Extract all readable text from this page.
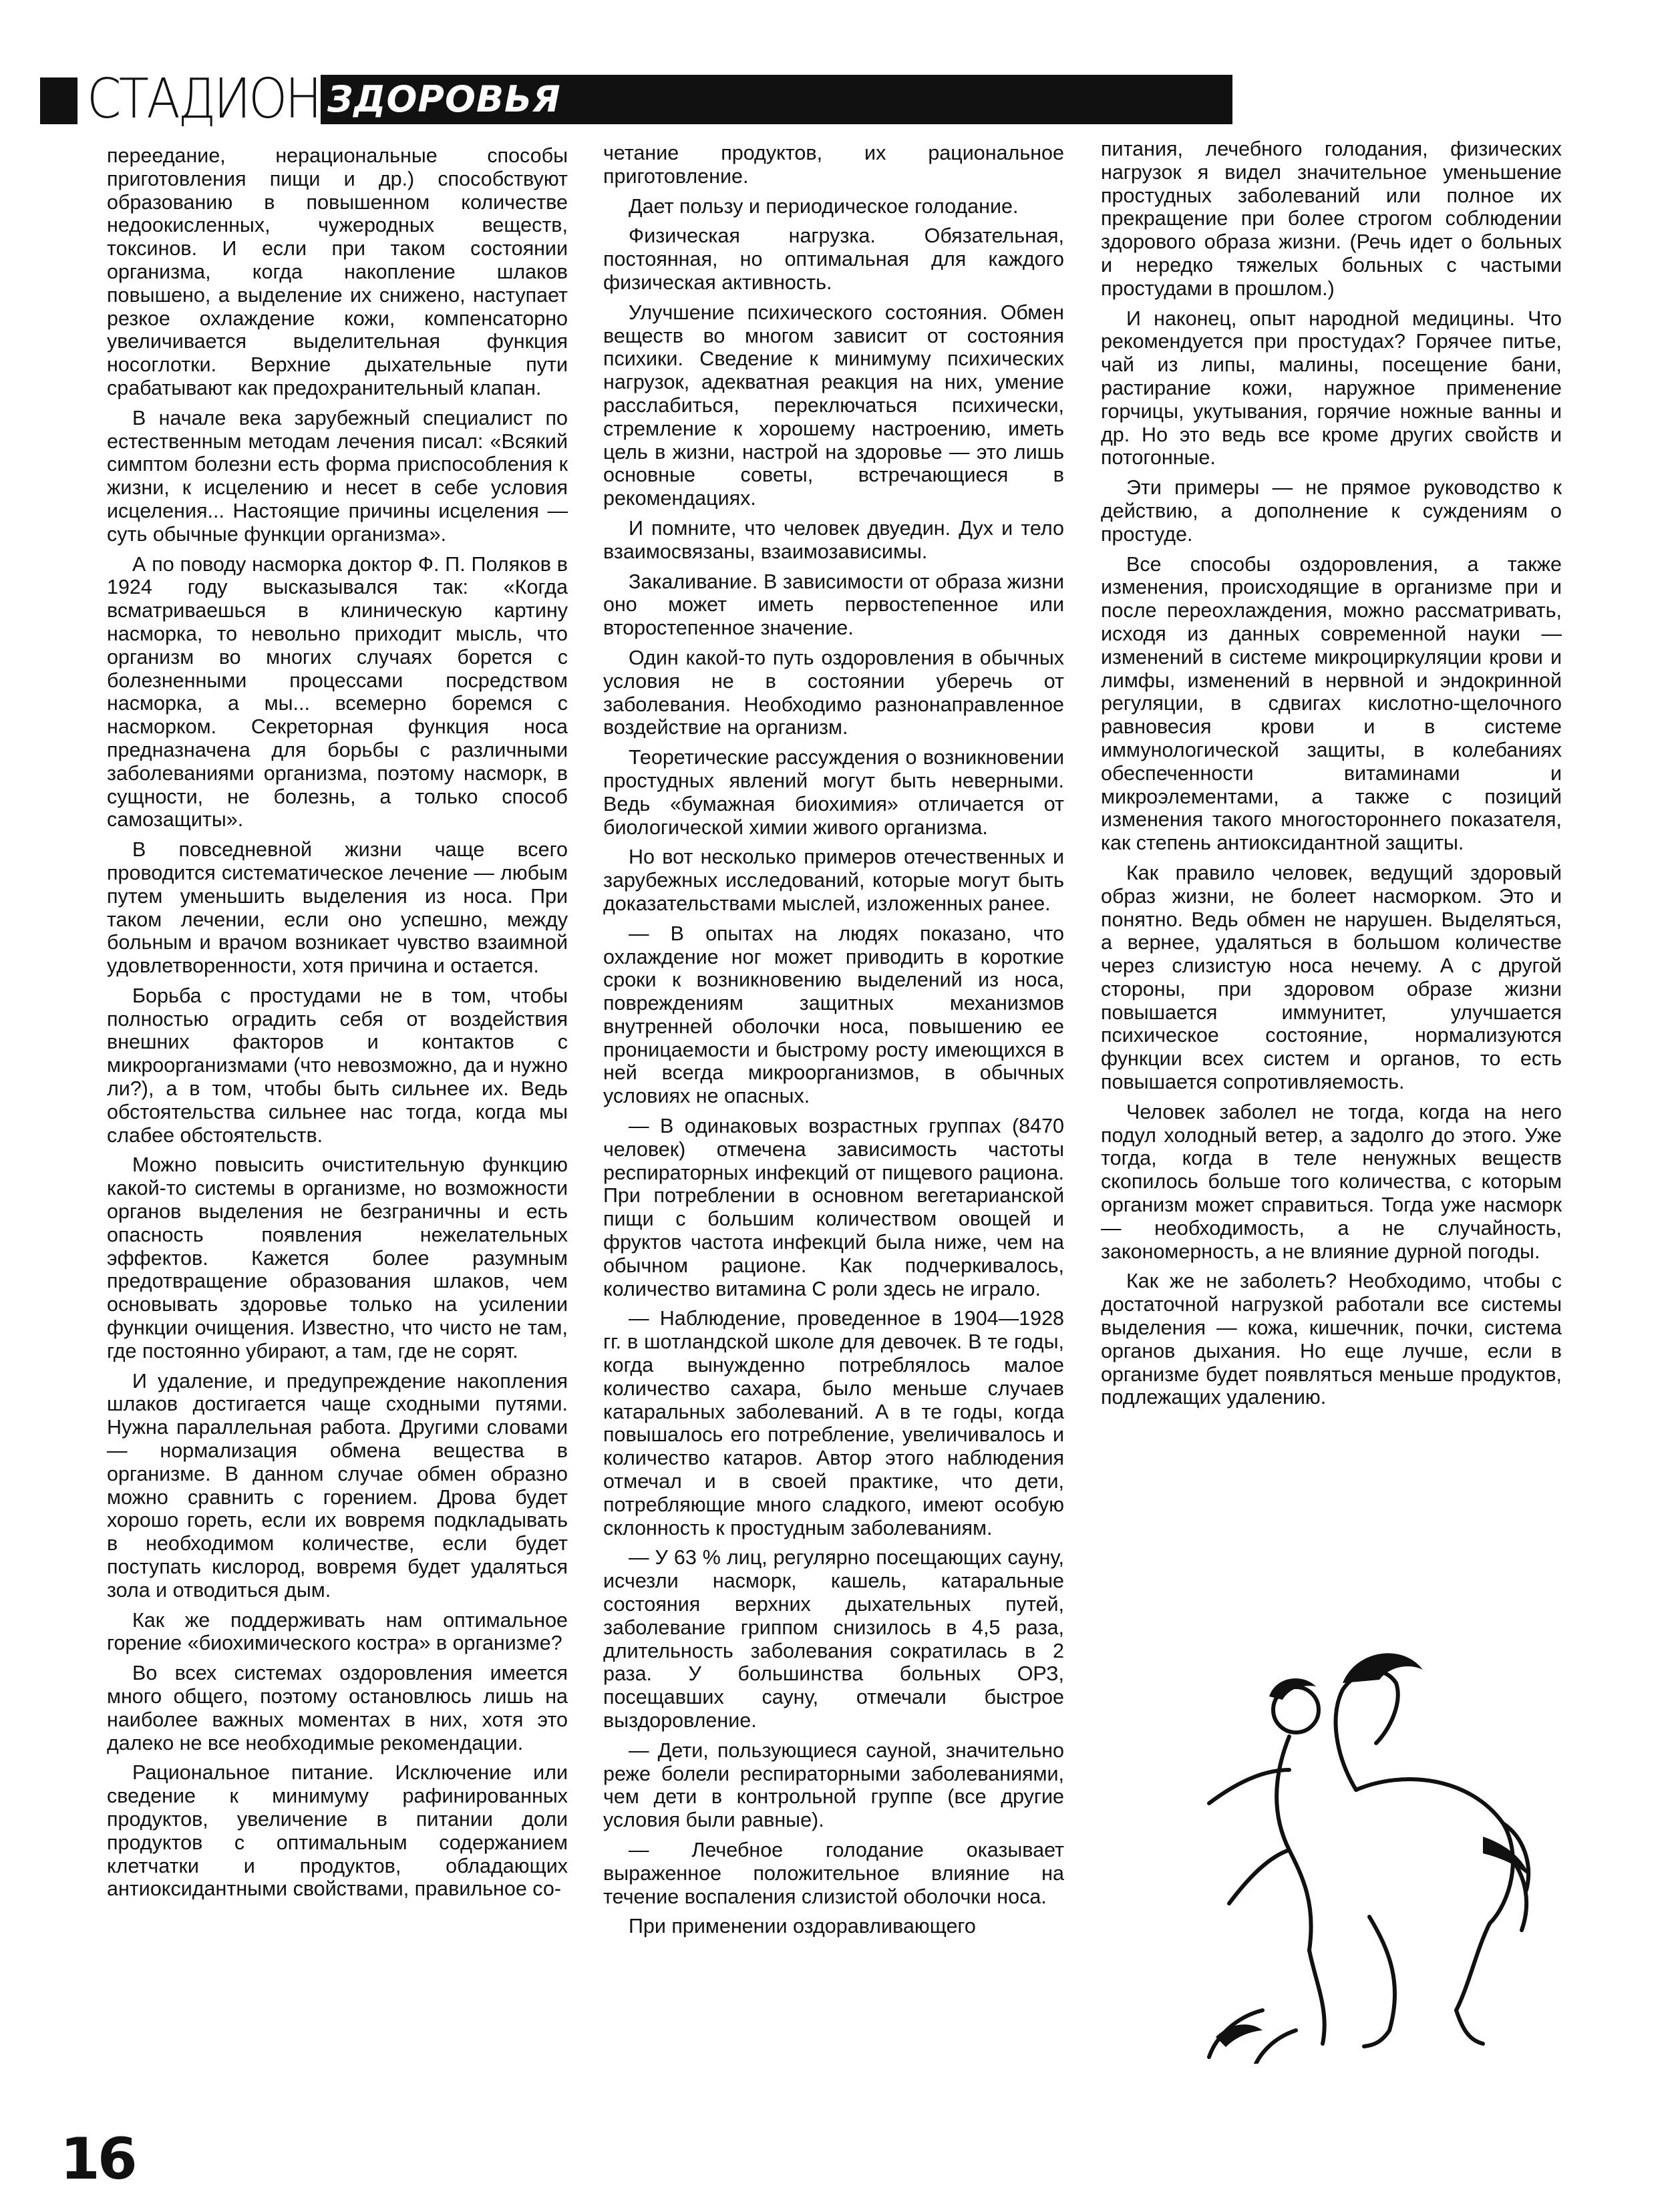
СТАДИОН ЗДОРОВЬЯ

переедание, нерациональные способы приготовления пищи и др.) способствуют образованию в повышенном количестве недоокисленных, чужеродных веществ, токсинов. И если при таком состоянии организма, когда накопление шлаков повышено, а выделение их снижено, наступает резкое охлаждение кожи, компенсаторно увеличивается выделительная функция носоглотки. Верхние дыхательные пути срабатывают как предохранительный клапан.

В начале века зарубежный специалист по естественным методам лечения писал: «Всякий симптом болезни есть форма приспособления к жизни, к исцелению и несет в себе условия исцеления... Настоящие причины исцеления — суть обычные функции организма».

А по поводу насморка доктор Ф. П. Поляков в 1924 году высказывался так: «Когда всматриваешься в клиническую картину насморка, то невольно приходит мысль, что организм во многих случаях борется с болезненными процессами посредством насморка, а мы... всемерно боремся с насморком. Секреторная функция носа предназначена для борьбы с различными заболеваниями организма, поэтому насморк, в сущности, не болезнь, а только способ самозащиты».

В повседневной жизни чаще всего проводится систематическое лечение — любым путем уменьшить выделения из носа. При таком лечении, если оно успешно, между больным и врачом возникает чувство взаимной удовлетворенности, хотя причина и остается.

Борьба с простудами не в том, чтобы полностью оградить себя от воздействия внешних факторов и контактов с микроорганизмами (что невозможно, да и нужно ли?), а в том, чтобы быть сильнее их. Ведь обстоятельства сильнее нас тогда, когда мы слабее обстоятельств.

Можно повысить очистительную функцию какой-то системы в организме, но возможности органов выделения не безграничны и есть опасность появления нежелательных эффектов. Кажется более разумным предотвращение образования шлаков, чем основывать здоровье только на усилении функции очищения. Известно, что чисто не там, где постоянно убирают, а там, где не сорят.

И удаление, и предупреждение накопления шлаков достигается чаще сходными путями. Нужна параллельная работа. Другими словами — нормализация обмена вещества в организме. В данном случае обмен образно можно сравнить с горением. Дрова будет хорошо гореть, если их вовремя подкладывать в необходимом количестве, если будет поступать кислород, вовремя будет удаляться зола и отводиться дым.

Как же поддерживать нам оптимальное горение «биохимического костра» в организме?

Во всех системах оздоровления имеется много общего, поэтому остановлюсь лишь на наиболее важных моментах в них, хотя это далеко не все необходимые рекомендации.

Рациональное питание. Исключение или сведение к минимуму рафинированных продуктов, увеличение в питании доли продуктов с оптимальным содержанием клетчатки и продуктов, обладающих антиоксидантными свойствами, правильное со-

четание продуктов, их рациональное приготовление.

Дает пользу и периодическое голодание.

Физическая нагрузка. Обязательная, постоянная, но оптимальная для каждого физическая активность.

Улучшение психического состояния. Обмен веществ во многом зависит от состояния психики. Сведение к минимуму психических нагрузок, адекватная реакция на них, умение расслабиться, переключаться психически, стремление к хорошему настроению, иметь цель в жизни, настрой на здоровье — это лишь основные советы, встречающиеся в рекомендациях.

И помните, что человек двуедин. Дух и тело взаимосвязаны, взаимозависимы.

Закаливание. В зависимости от образа жизни оно может иметь первостепенное или второстепенное значение.

Один какой-то путь оздоровления в обычных условия не в состоянии уберечь от заболевания. Необходимо разнонаправленное воздействие на организм.

Теоретические рассуждения о возникновении простудных явлений могут быть неверными. Ведь «бумажная биохимия» отличается от биологической химии живого организма.

Но вот несколько примеров отечественных и зарубежных исследований, которые могут быть доказательствами мыслей, изложенных ранее.

— В опытах на людях показано, что охлаждение ног может приводить в короткие сроки к возникновению выделений из носа, повреждениям защитных механизмов внутренней оболочки носа, повышению ее проницаемости и быстрому росту имеющихся в ней всегда микроорганизмов, в обычных условиях не опасных.

— В одинаковых возрастных группах (8470 человек) отмечена зависимость частоты респираторных инфекций от пищевого рациона. При потреблении в основном вегетарианской пищи с большим количеством овощей и фруктов частота инфекций была ниже, чем на обычном рационе. Как подчеркивалось, количество витамина С роли здесь не играло.

— Наблюдение, проведенное в 1904—1928 гг. в шотландской школе для девочек. В те годы, когда вынужденно потреблялось малое количество сахара, было меньше случаев катаральных заболеваний. А в те годы, когда повышалось его потребление, увеличивалось и количество катаров. Автор этого наблюдения отмечал и в своей практике, что дети, потребляющие много сладкого, имеют особую склонность к простудным заболеваниям.

— У 63 % лиц, регулярно посещающих сауну, исчезли насморк, кашель, катаральные состояния верхних дыхательных путей, заболевание гриппом снизилось в 4,5 раза, длительность заболевания сократилась в 2 раза. У большинства больных ОРЗ, посещавших сауну, отмечали быстрое выздоровление.

— Дети, пользующиеся сауной, значительно реже болели респираторными заболеваниями, чем дети в контрольной группе (все другие условия были равные).

— Лечебное голодание оказывает выраженное положительное влияние на течение воспаления слизистой оболочки носа.

При применении оздоравливающего

питания, лечебного голодания, физических нагрузок я видел значительное уменьшение простудных заболеваний или полное их прекращение при более строгом соблюдении здорового образа жизни. (Речь идет о больных и нередко тяжелых больных с частыми простудами в прошлом.)

И наконец, опыт народной медицины. Что рекомендуется при простудах? Горячее питье, чай из липы, малины, посещение бани, растирание кожи, наружное применение горчицы, укутывания, горячие ножные ванны и др. Но это ведь все кроме других свойств и потогонные.

Эти примеры — не прямое руководство к действию, а дополнение к суждениям о простуде.

Все способы оздоровления, а также изменения, происходящие в организме при и после переохлаждения, можно рассматривать, исходя из данных современной науки — изменений в системе микроциркуляции крови и лимфы, изменений в нервной и эндокринной регуляции, в сдвигах кислотно-щелочного равновесия крови и в системе иммунологической защиты, в колебаниях обеспеченности витаминами и микроэлементами, а также с позиций изменения такого многостороннего показателя, как степень антиоксидантной защиты.

Как правило человек, ведущий здоровый образ жизни, не болеет насморком. Это и понятно. Ведь обмен не нарушен. Выделяться, а вернее, удаляться в большом количестве через слизистую носа нечему. А с другой стороны, при здоровом образе жизни повышается иммунитет, улучшается психическое состояние, нормализуются функции всех систем и органов, то есть повышается сопротивляемость.

Человек заболел не тогда, когда на него подул холодный ветер, а задолго до этого. Уже тогда, когда в теле ненужных веществ скопилось больше того количества, с которым организм может справиться. Тогда уже насморк — необходимость, а не случайность, закономерность, а не влияние дурной погоды.

Как же не заболеть? Необходимо, чтобы с достаточной нагрузкой работали все системы выделения — кожа, кишечник, почки, система органов дыхания. Но еще лучше, если в организме будет появляться меньше продуктов, подлежащих удалению.

16
